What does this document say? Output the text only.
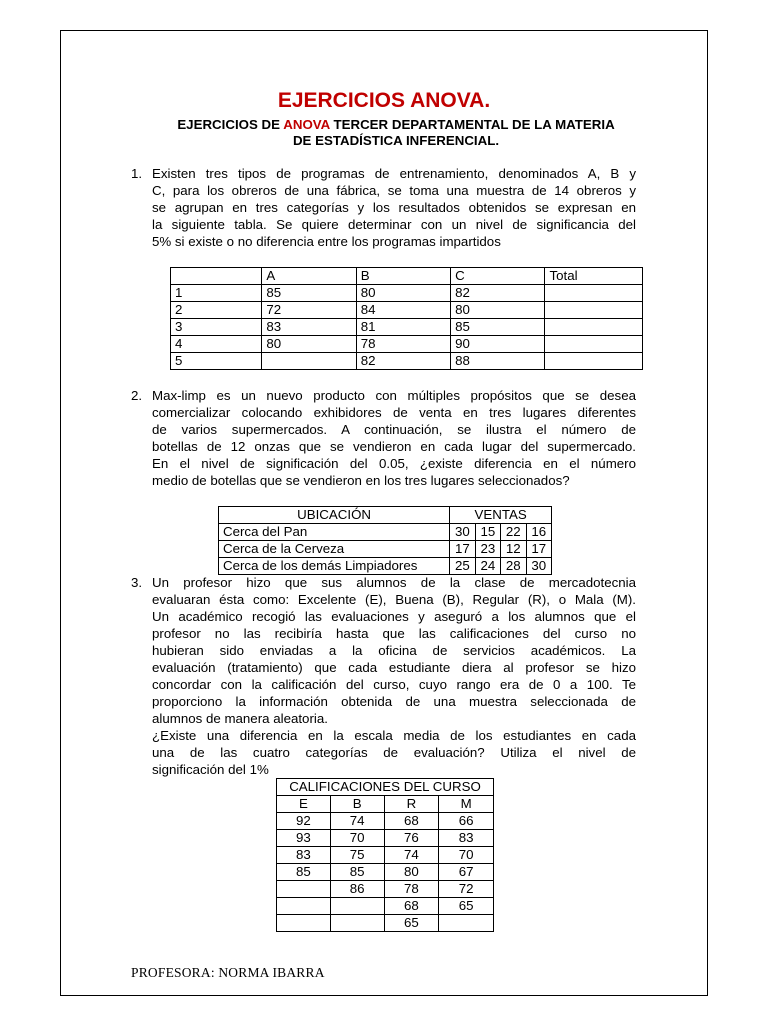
EJERCICIOS ANOVA.
EJERCICIOS DE ANOVA TERCER DEPARTAMENTAL DE LA MATERIA
DE ESTADÍSTICA INFERENCIAL.
1. Existen tres tipos de programas de entrenamiento, denominados A, B y
C, para los obreros de una fábrica, se toma una muestra de 14 obreros y
se agrupan en tres categorías y los resultados obtenidos se expresan en
la siguiente tabla. Se quiere determinar con un nivel de significancia del
5% si existe o no diferencia entre los programas impartidos
	A	B	C	Total
1	85	80	82	
2	72	84	80	
3	83	81	85	
4	80	78	90	
5		82	88	
2. Max-limp es un nuevo producto con múltiples propósitos que se desea
comercializar colocando exhibidores de venta en tres lugares diferentes
de varios supermercados. A continuación, se ilustra el número de
botellas de 12 onzas que se vendieron en cada lugar del supermercado.
En el nivel de significación del 0.05, ¿existe diferencia en el número
medio de botellas que se vendieron en los tres lugares seleccionados?
UBICACIÓN	VENTAS			
Cerca del Pan	30	15	22	16
Cerca de la Cerveza	17	23	12	17
Cerca de los demás Limpiadores	25	24	28	30
3. Un profesor hizo que sus alumnos de la clase de mercadotecnia
evaluaran ésta como: Excelente (E), Buena (B), Regular (R), o Mala (M).
Un académico recogió las evaluaciones y aseguró a los alumnos que el
profesor no las recibiría hasta que las calificaciones del curso no
hubieran sido enviadas a la oficina de servicios académicos. La
evaluación (tratamiento) que cada estudiante diera al profesor se hizo
concordar con la calificación del curso, cuyo rango era de 0 a 100. Te
proporciono la información obtenida de una muestra seleccionada de
alumnos de manera aleatoria.
¿Existe una diferencia en la escala media de los estudiantes en cada
una de las cuatro categorías de evaluación? Utiliza el nivel de
significación del 1%
CALIFICACIONES DEL CURSO			
E	B	R	M
92	74	68	66
93	70	76	83
83	75	74	70
85	85	80	67
	86	78	72
		68	65
		65	
PROFESORA: NORMA IBARRA
